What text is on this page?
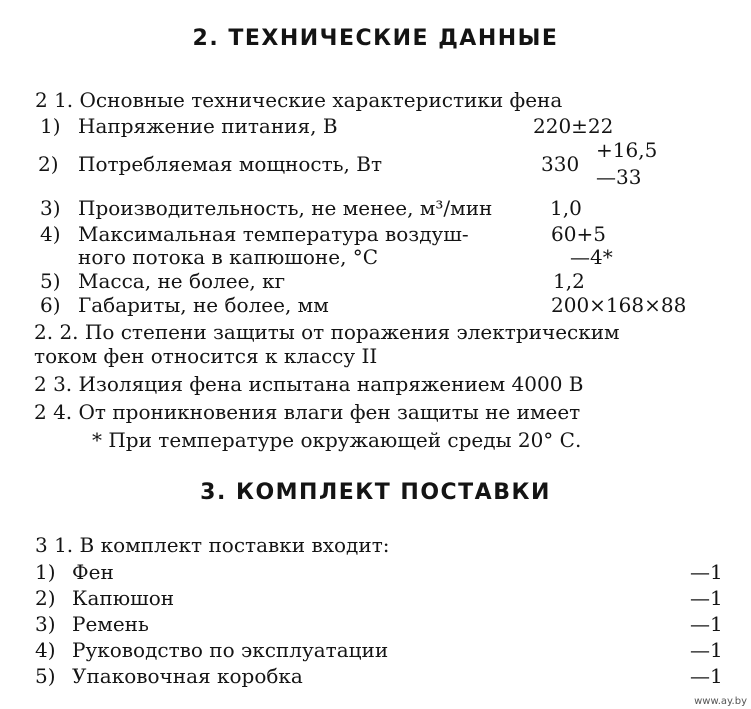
2. ТЕХНИЧЕСКИЕ ДАННЫЕ
2 1. Основные технические характеристики фена
1) Напряжение питания, В	220±22
2) Потребляемая мощность, Вт	330
+16,5
—33
3) Производительность, не менее, м³/мин	1,0
4) Максимальная температура воздуш-	60+5
ного потока в капюшоне, °С	—4*
5) Масса, не более, кг	1,2
6) Габариты, не более, мм	200×168×88
2. 2. По степени защиты от поражения электрическим
током фен относится к классу II
2 3. Изоляция фена испытана напряжением 4000 В
2 4. От проникновения влаги фен защиты не имеет
* При температуре окружающей среды 20° С.
3. КОМПЛЕКТ ПОСТАВКИ
3 1. В комплект поставки входит:
1) Фен	—1
2) Капюшон	—1
3) Ремень	—1
4) Руководство по эксплуатации	—1
5) Упаковочная коробка	—1
www.ay.by
